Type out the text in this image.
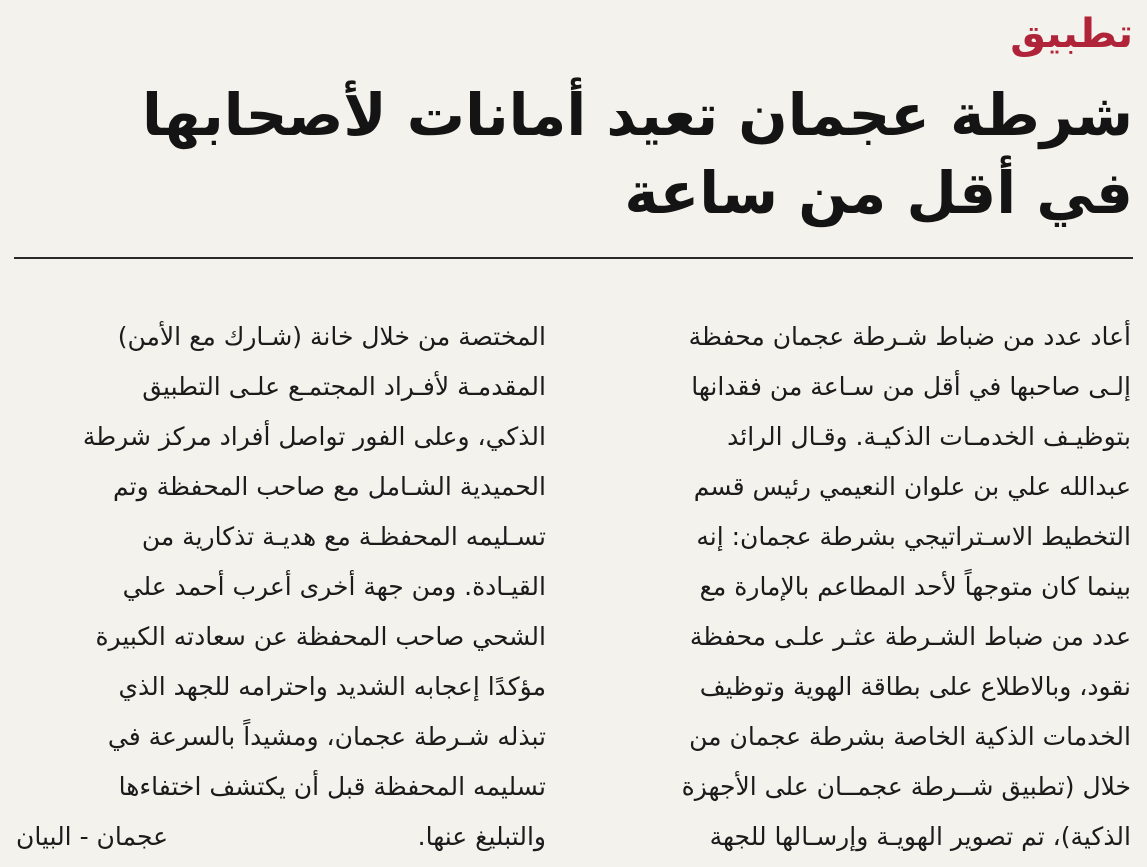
تطبيق
شرطة عجمان تعيد أمانات لأصحابها
في أقل من ساعة
أعاد عدد من ضباط شـرطة عجمان محفظة
إلـى صاحبها في أقل من سـاعة من فقدانها
بتوظيـف الخدمـات الذكيـة. وقـال الرائد
عبدالله علي بن علوان النعيمي رئيس قسم
التخطيط الاسـتراتيجي بشرطة عجمان: إنه
بينما كان متوجهاً لأحد المطاعم بالإمارة مع
عدد من ضباط الشـرطة عثـر علـى محفظة
نقود، وبالاطلاع على بطاقة الهوية وتوظيف
الخدمات الذكية الخاصة بشرطة عجمان من
خلال (تطبيق شــرطة عجمــان على الأجهزة
الذكية)، تم تصوير الهويـة وإرسـالها للجهة
المختصة من خلال خانة (شـارك مع الأمن)
المقدمـة لأفـراد المجتمـع علـى التطبيق
الذكي، وعلى الفور تواصل أفراد مركز شرطة
الحميدية الشـامل مع صاحب المحفظة وتم
تسـليمه المحفظـة مع هديـة تذكارية من
القيـادة. ومن جهة أخرى أعرب أحمد علي
الشحي صاحب المحفظة عن سعادته الكبيرة
مؤكدًا إعجابه الشديد واحترامه للجهد الذي
تبذله شـرطة عجمان، ومشيداً بالسرعة في
تسليمه المحفظة قبل أن يكتشف اختفاءها
والتبليغ عنها.
عجمان - البيان
